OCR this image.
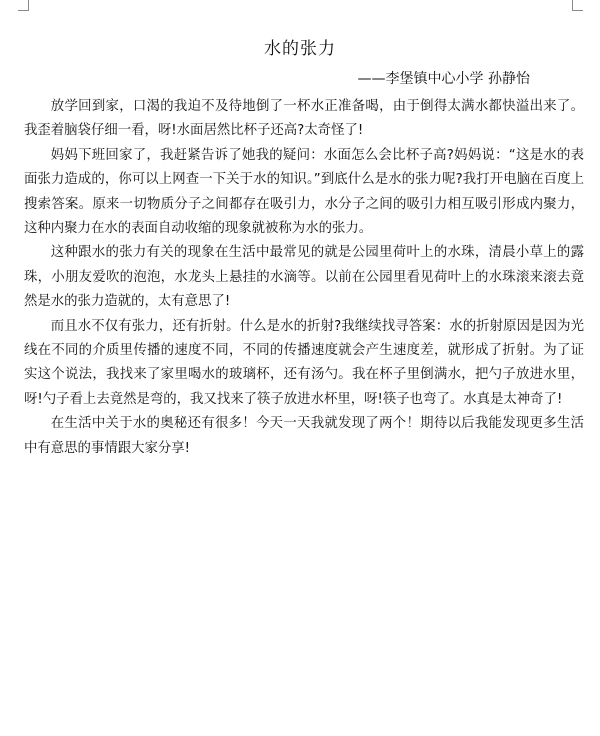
水的张力
——李堡镇中心小学 孙静怡

放学回到家，口渴的我迫不及待地倒了一杯水正准备喝，由于倒得太满水都快溢出来了。我歪着脑袋仔细一看，呀!水面居然比杯子还高?太奇怪了!

妈妈下班回家了，我赶紧告诉了她我的疑问：水面怎么会比杯子高?妈妈说：“这是水的表面张力造成的，你可以上网查一下关于水的知识。”到底什么是水的张力呢?我打开电脑在百度上搜索答案。原来一切物质分子之间都存在吸引力，水分子之间的吸引力相互吸引形成内聚力，这种内聚力在水的表面自动收缩的现象就被称为水的张力。

这种跟水的张力有关的现象在生活中最常见的就是公园里荷叶上的水珠，清晨小草上的露珠，小朋友爱吹的泡泡，水龙头上悬挂的水滴等。以前在公园里看见荷叶上的水珠滚来滚去竟然是水的张力造就的，太有意思了!

而且水不仅有张力，还有折射。什么是水的折射?我继续找寻答案：水的折射原因是因为光线在不同的介质里传播的速度不同，不同的传播速度就会产生速度差，就形成了折射。为了证实这个说法，我找来了家里喝水的玻璃杯，还有汤勺。我在杯子里倒满水，把勺子放进水里，呀!勺子看上去竟然是弯的，我又找来了筷子放进水杯里，呀!筷子也弯了。水真是太神奇了!

在生活中关于水的奥秘还有很多！今天一天我就发现了两个！期待以后我能发现更多生活中有意思的事情跟大家分享!
